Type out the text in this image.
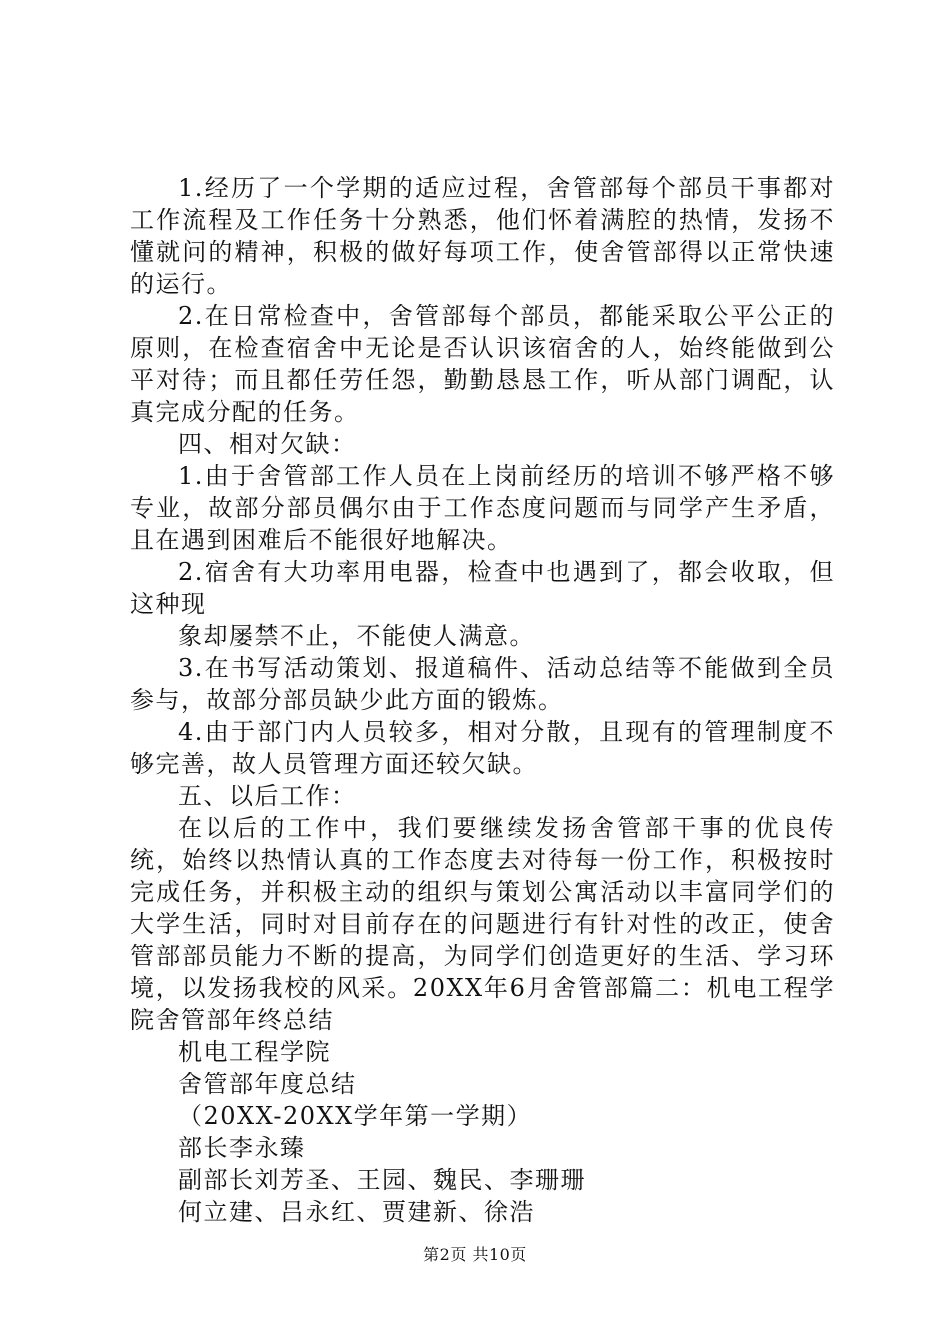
1.经历了一个学期的适应过程，舍管部每个部员干事都对工作流程及工作任务十分熟悉，他们怀着满腔的热情，发扬不懂就问的精神，积极的做好每项工作，使舍管部得以正常快速的运行。

2.在日常检查中，舍管部每个部员，都能采取公平公正的原则，在检查宿舍中无论是否认识该宿舍的人，始终能做到公平对待；而且都任劳任怨，勤勤恳恳工作，听从部门调配，认真完成分配的任务。

四、相对欠缺：

1.由于舍管部工作人员在上岗前经历的培训不够严格不够专业，故部分部员偶尔由于工作态度问题而与同学产生矛盾，且在遇到困难后不能很好地解决。

2.宿舍有大功率用电器，检查中也遇到了，都会收取，但这种现

象却屡禁不止，不能使人满意。

3.在书写活动策划、报道稿件、活动总结等不能做到全员参与，故部分部员缺少此方面的锻炼。

4.由于部门内人员较多，相对分散，且现有的管理制度不够完善，故人员管理方面还较欠缺。

五、以后工作：

在以后的工作中，我们要继续发扬舍管部干事的优良传统，始终以热情认真的工作态度去对待每一份工作，积极按时完成任务，并积极主动的组织与策划公寓活动以丰富同学们的大学生活，同时对目前存在的问题进行有针对性的改正，使舍管部部员能力不断的提高，为同学们创造更好的生活、学习环境，以发扬我校的风采。20XX年6月舍管部篇二：机电工程学院舍管部年终总结

机电工程学院

舍管部年度总结

（20XX-20XX学年第一学期）

部长李永臻

副部长刘芳圣、王园、魏民、李珊珊

何立建、吕永红、贾建新、徐浩

第2页 共10页
